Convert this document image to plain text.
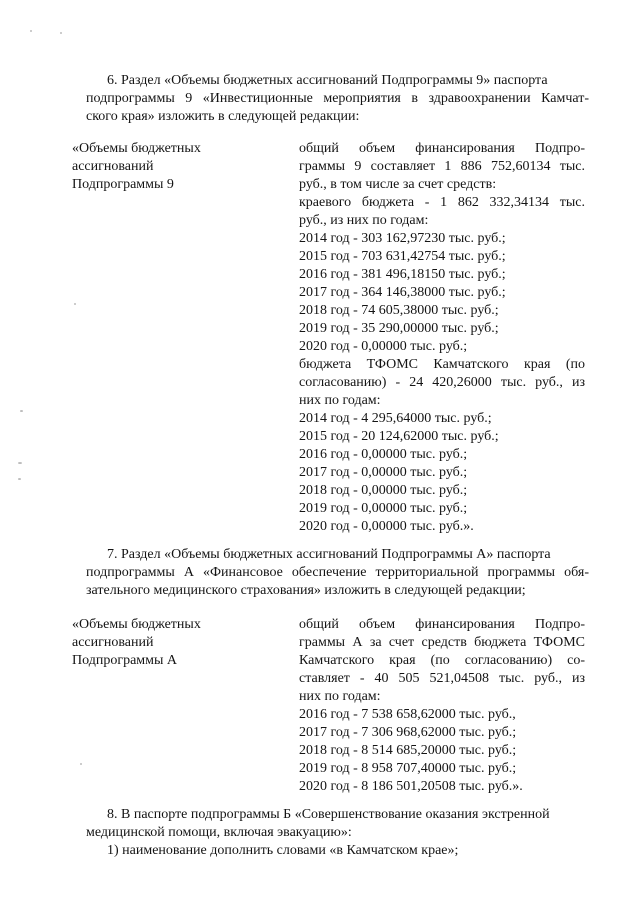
6. Раздел «Объемы бюджетных ассигнований Подпрограммы 9» паспорта
подпрограммы 9 «Инвестиционные мероприятия в здравоохранении Камчат-
ского края» изложить в следующей редакции:
«Объемы бюджетных
ассигнований
Подпрограммы 9
общий объем финансирования Подпро-
граммы 9 составляет 1 886 752,60134 тыс.
руб., в том числе за счет средств:
краевого бюджета - 1 862 332,34134 тыс.
руб., из них по годам:
2014 год - 303 162,97230 тыс. руб.;
2015 год - 703 631,42754 тыс. руб.;
2016 год - 381 496,18150 тыс. руб.;
2017 год - 364 146,38000 тыс. руб.;
2018 год - 74 605,38000 тыс. руб.;
2019 год - 35 290,00000 тыс. руб.;
2020 год - 0,00000 тыс. руб.;
бюджета ТФОМС Камчатского края (по
согласованию) - 24 420,26000 тыс. руб., из
них по годам:
2014 год - 4 295,64000 тыс. руб.;
2015 год - 20 124,62000 тыс. руб.;
2016 год - 0,00000 тыс. руб.;
2017 год - 0,00000 тыс. руб.;
2018 год - 0,00000 тыс. руб.;
2019 год - 0,00000 тыс. руб.;
2020 год - 0,00000 тыс. руб.».
7. Раздел «Объемы бюджетных ассигнований Подпрограммы А» паспорта
подпрограммы А «Финансовое обеспечение территориальной программы обя-
зательного медицинского страхования» изложить в следующей редакции;
«Объемы бюджетных
ассигнований
Подпрограммы А
общий объем финансирования Подпро-
граммы А за счет средств бюджета ТФОМС
Камчатского края (по согласованию) со-
ставляет - 40 505 521,04508 тыс. руб., из
них по годам:
2016 год - 7 538 658,62000 тыс. руб.,
2017 год - 7 306 968,62000 тыс. руб.;
2018 год - 8 514 685,20000 тыс. руб.;
2019 год - 8 958 707,40000 тыс. руб.;
2020 год - 8 186 501,20508 тыс. руб.».
8. В паспорте подпрограммы Б «Совершенствование оказания экстренной
медицинской помощи, включая эвакуацию»:
1) наименование дополнить словами «в Камчатском крае»;
